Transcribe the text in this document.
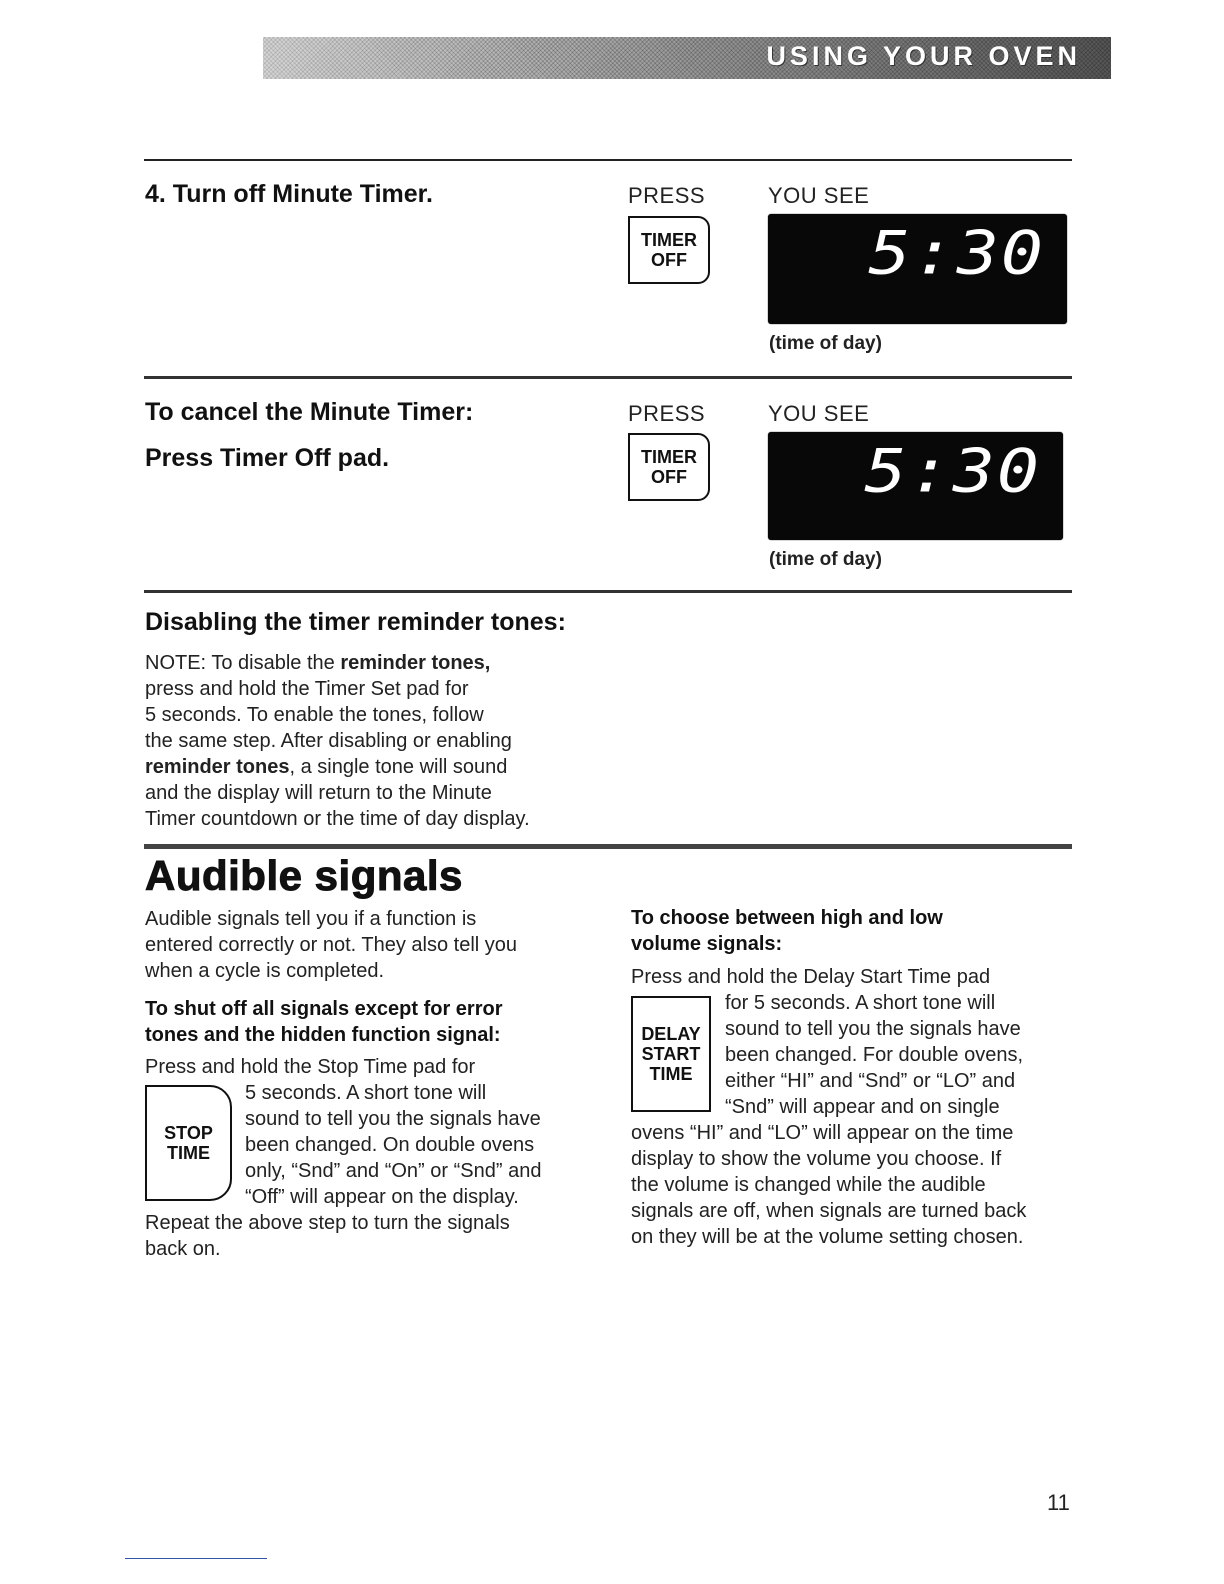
USING YOUR OVEN
4. Turn off Minute Timer.	PRESS	YOU SEE
TIMER
OFF	5:30
(time of day)
To cancel the Minute Timer:
Press Timer Off pad.
PRESS	YOU SEE
TIMER
OFF	5:30
(time of day)
Disabling the timer reminder tones:
NOTE: To disable the reminder tones,
press and hold the Timer Set pad for
5 seconds. To enable the tones, follow
the same step. After disabling or enabling
reminder tones, a single tone will sound
and the display will return to the Minute
Timer countdown or the time of day display.
Audible signals
Audible signals tell you if a function is
entered correctly or not. They also tell you
when a cycle is completed.
To shut off all signals except for error
tones and the hidden function signal:
Press and hold the Stop Time pad for
STOP
TIME
5 seconds. A short tone will
sound to tell you the signals have
been changed. On double ovens
only, “Snd” and “On” or “Snd” and
“Off” will appear on the display.
Repeat the above step to turn the signals
back on.
To choose between high and low
volume signals:
Press and hold the Delay Start Time pad
DELAY
START
TIME
for 5 seconds. A short tone will
sound to tell you the signals have
been changed. For double ovens,
either “HI” and “Snd” or “LO” and
“Snd” will appear and on single
ovens “HI” and “LO” will appear on the time
display to show the volume you choose. If
the volume is changed while the audible
signals are off, when signals are turned back
on they will be at the volume setting chosen.
11
